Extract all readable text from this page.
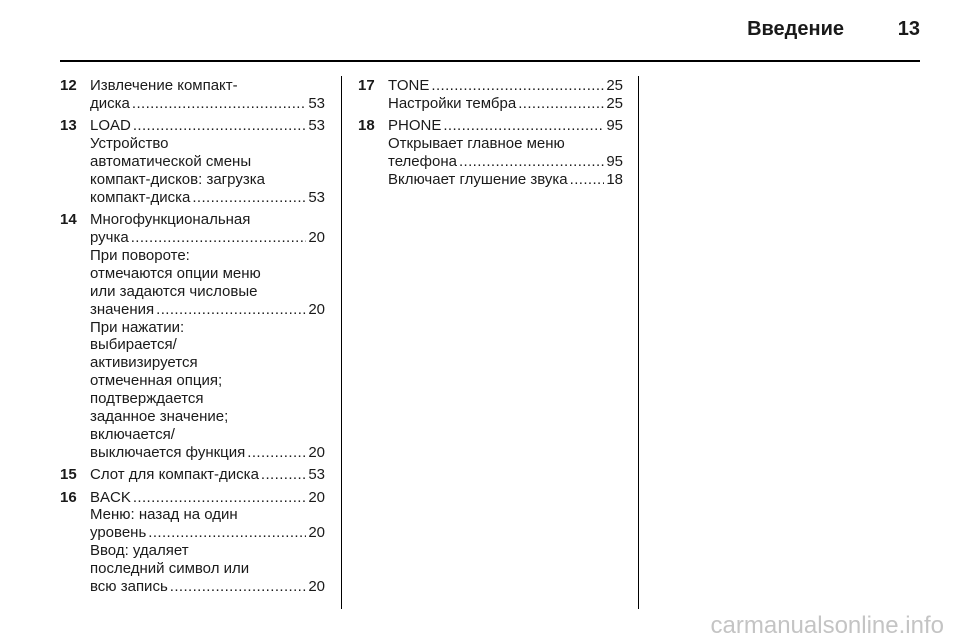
Введение	13
12 Извлечение компакт-
диска .....	53
13 LOAD .....	53
Устройство
автоматической смены
компакт-дисков: загрузка
компакт-диска .....	53
14 Многофункциональная
ручка .....	20
При повороте:
отмечаются опции меню
или задаются числовые
значения .....	20
При нажатии:
выбирается/
активизируется
отмеченная опция;
подтверждается
заданное значение;
включается/
выключается функция .....	20
15 Слот для компакт-диска .....	53
16 BACK .....	20
Меню: назад на один
уровень .....	20
Ввод: удаляет
последний символ или
всю запись .....	20
17 TONE .....	25
Настройки тембра .....	25
18 PHONE .....	95
Открывает главное меню
телефона .....	95
Включает глушение звука .....	18
carmanualsonline.info
